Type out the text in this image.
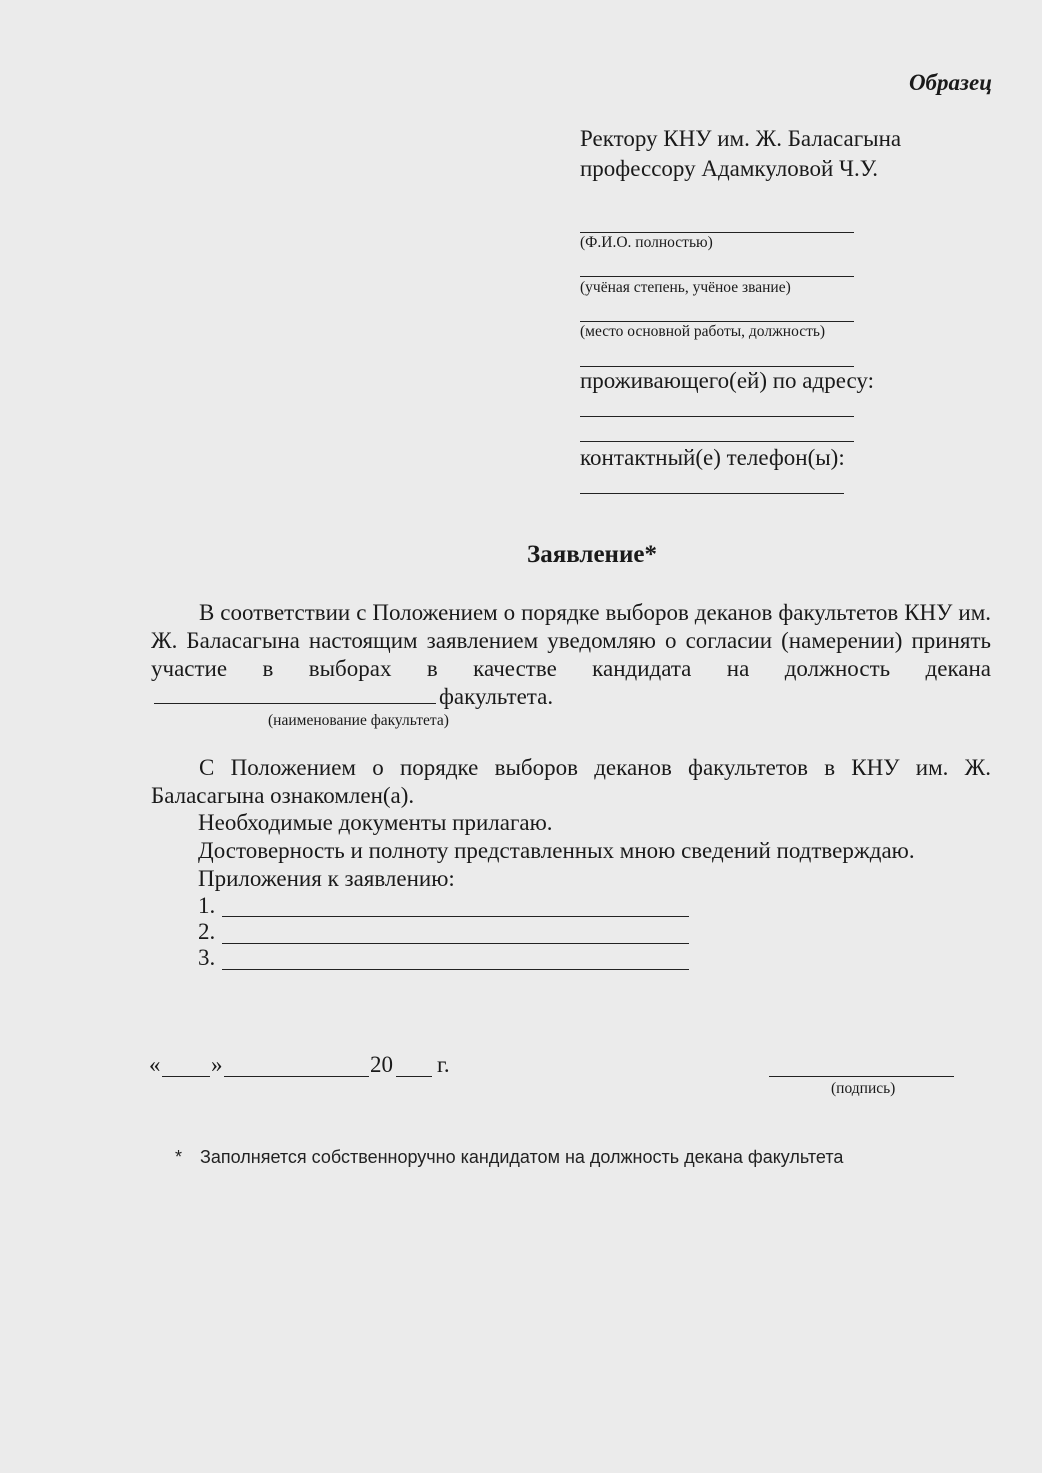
Образец
Ректору КНУ им. Ж. Баласагына
профессору Адамкуловой Ч.У.
(Ф.И.О. полностью)
(учёная степень, учёное звание)
(место основной работы, должность)
проживающего(ей) по адресу:
контактный(е) телефон(ы):
Заявление*
В соответствии с Положением о порядке выборов деканов факультетов КНУ им. Ж. Баласагына настоящим заявлением уведомляю о согласии (намерении) принять участие в выборах в качестве кандидата на должность деканафакультета.
(наименование факультета)
С Положением о порядке выборов деканов факультетов в КНУ им. Ж. Баласагына ознакомлен(а).
Необходимые документы прилагаю.
Достоверность и полноту представленных мною сведений подтверждаю.
Приложения к заявлению:
1.
2.
3.
« »	20 г.
(подпись)
* Заполняется собственноручно кандидатом на должность декана факультета
